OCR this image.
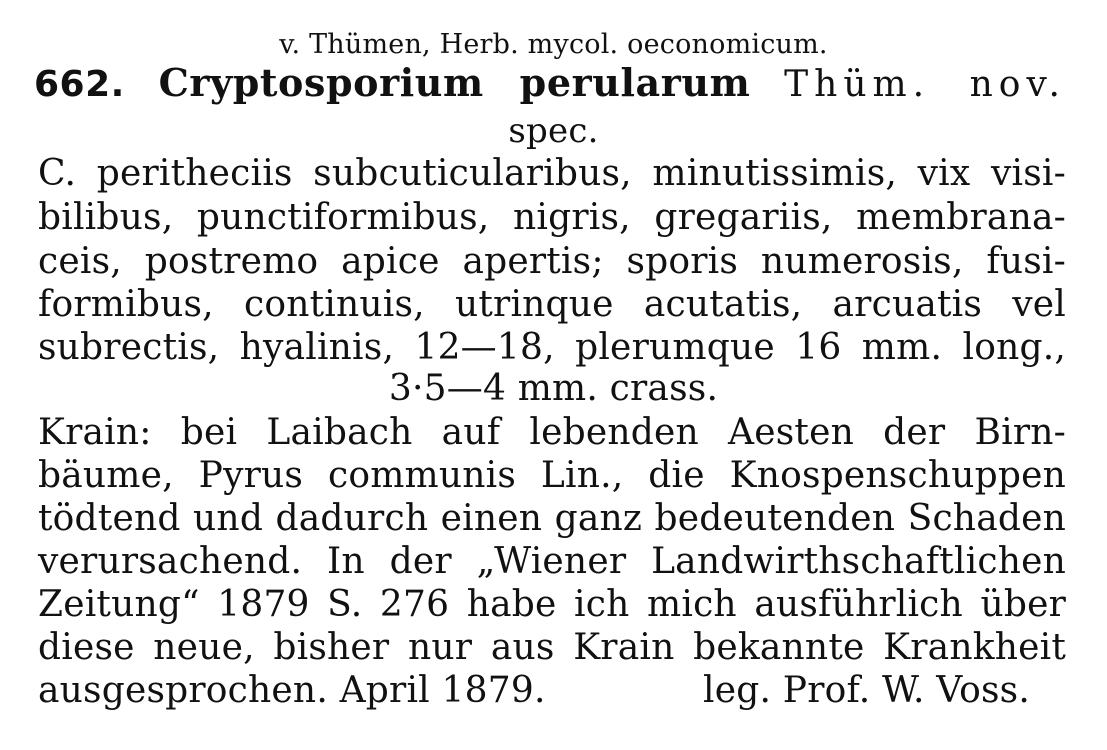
v. Thümen, Herb. mycol. oeconomicum.
662. Cryptosporium perularum Thüm. nov.
spec.
C. peritheciis subcuticularibus, minutissimis, vix visi-
bilibus, punctiformibus, nigris, gregariis, membrana-
ceis, postremo apice apertis; sporis numerosis, fusi-
formibus, continuis, utrinque acutatis, arcuatis vel
subrectis, hyalinis, 12—18, plerumque 16 mm. long.,
3·5—4 mm. crass.
Krain: bei Laibach auf lebenden Aesten der Birn-
bäume, Pyrus communis Lin., die Knospenschuppen
tödtend und dadurch einen ganz bedeutenden Schaden
verursachend. In der „Wiener Landwirthschaftlichen
Zeitung“ 1879 S. 276 habe ich mich ausführlich über
diese neue, bisher nur aus Krain bekannte Krankheit
ausgesprochen. April 1879.	leg. Prof. W. Voss.
